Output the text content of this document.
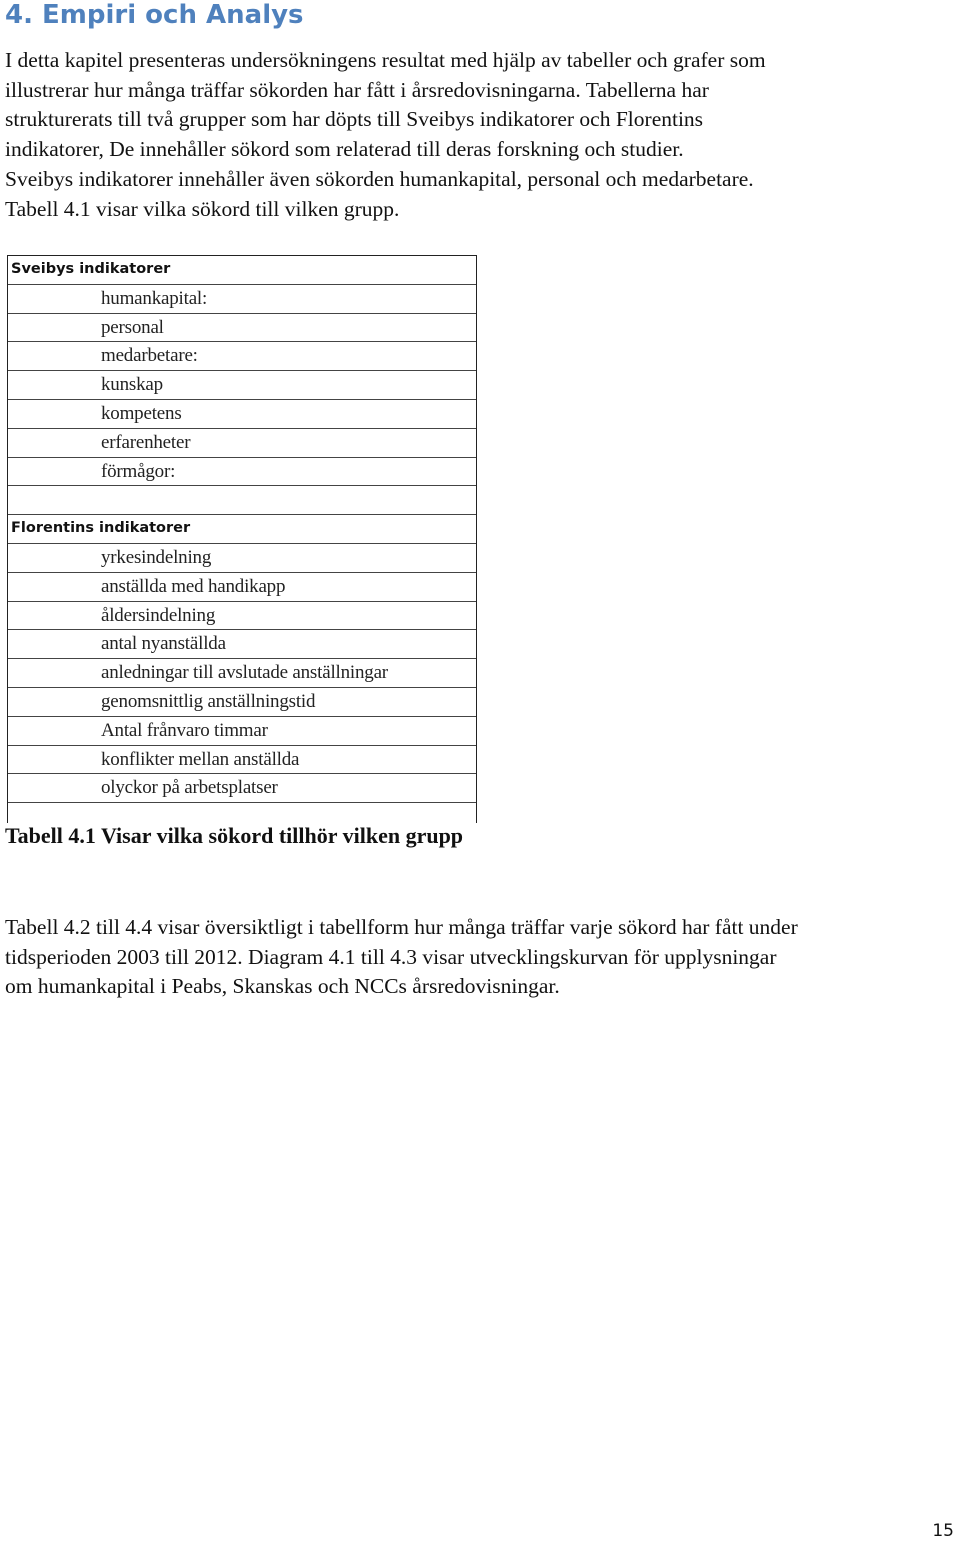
4. Empiri och Analys
I detta kapitel presenteras undersökningens resultat med hjälp av tabeller och grafer som
illustrerar hur många träffar sökorden har fått i årsredovisningarna. Tabellerna har
strukturerats till två grupper som har döpts till Sveibys indikatorer och Florentins
indikatorer, De innehåller sökord som relaterad till deras forskning och studier.
Sveibys indikatorer innehåller även sökorden humankapital, personal och medarbetare.
Tabell 4.1 visar vilka sökord till vilken grupp.
Sveibys indikatorer
humankapital:
personal
medarbetare:
kunskap
kompetens
erfarenheter
förmågor:
Florentins indikatorer
yrkesindelning
anställda med handikapp
åldersindelning
antal nyanställda
anledningar till avslutade anställningar
genomsnittlig anställningstid
Antal frånvaro timmar
konflikter mellan anställda
olyckor på arbetsplatser
Tabell 4.1 Visar vilka sökord tillhör vilken grupp
Tabell 4.2 till 4.4 visar översiktligt i tabellform hur många träffar varje sökord har fått under
tidsperioden 2003 till 2012. Diagram 4.1 till 4.3 visar utvecklingskurvan för upplysningar
om humankapital i Peabs, Skanskas och NCCs årsredovisningar.
15
